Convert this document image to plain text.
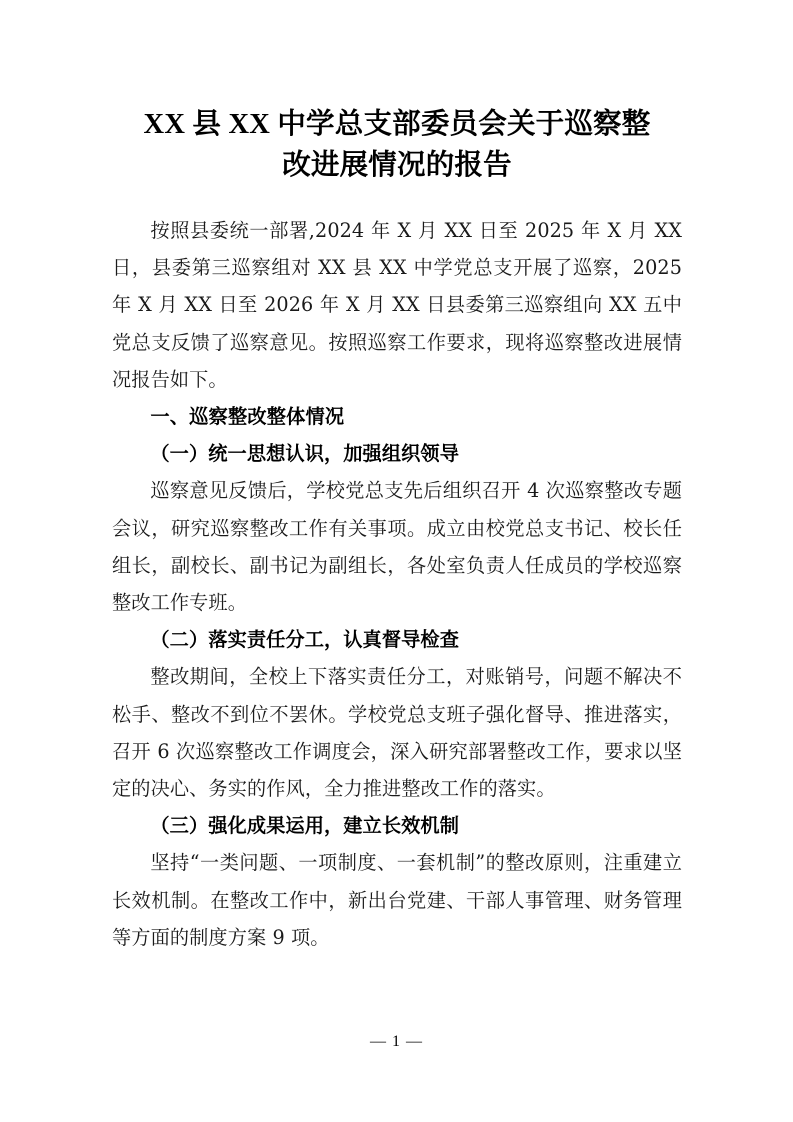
XX 县 XX 中学总支部委员会关于巡察整
改进展情况的报告

按照县委统一部署,2024 年 X 月 XX 日至 2025 年 X 月 XX 日，县委第三巡察组对 XX 县 XX 中学党总支开展了巡察，2025 年 X 月 XX 日至 2026 年 X 月 XX 日县委第三巡察组向 XX 五中党总支反馈了巡察意见。按照巡察工作要求，现将巡察整改进展情况报告如下。

一、巡察整改整体情况

（一）统一思想认识，加强组织领导

巡察意见反馈后，学校党总支先后组织召开 4 次巡察整改专题会议，研究巡察整改工作有关事项。成立由校党总支书记、校长任组长，副校长、副书记为副组长，各处室负责人任成员的学校巡察整改工作专班。

（二）落实责任分工，认真督导检查

整改期间，全校上下落实责任分工，对账销号，问题不解决不松手、整改不到位不罢休。学校党总支班子强化督导、推进落实，召开 6 次巡察整改工作调度会，深入研究部署整改工作，要求以坚定的决心、务实的作风，全力推进整改工作的落实。

（三）强化成果运用，建立长效机制

坚持“一类问题、一项制度、一套机制”的整改原则，注重建立长效机制。在整改工作中，新出台党建、干部人事管理、财务管理等方面的制度方案 9 项。

— 1 —
